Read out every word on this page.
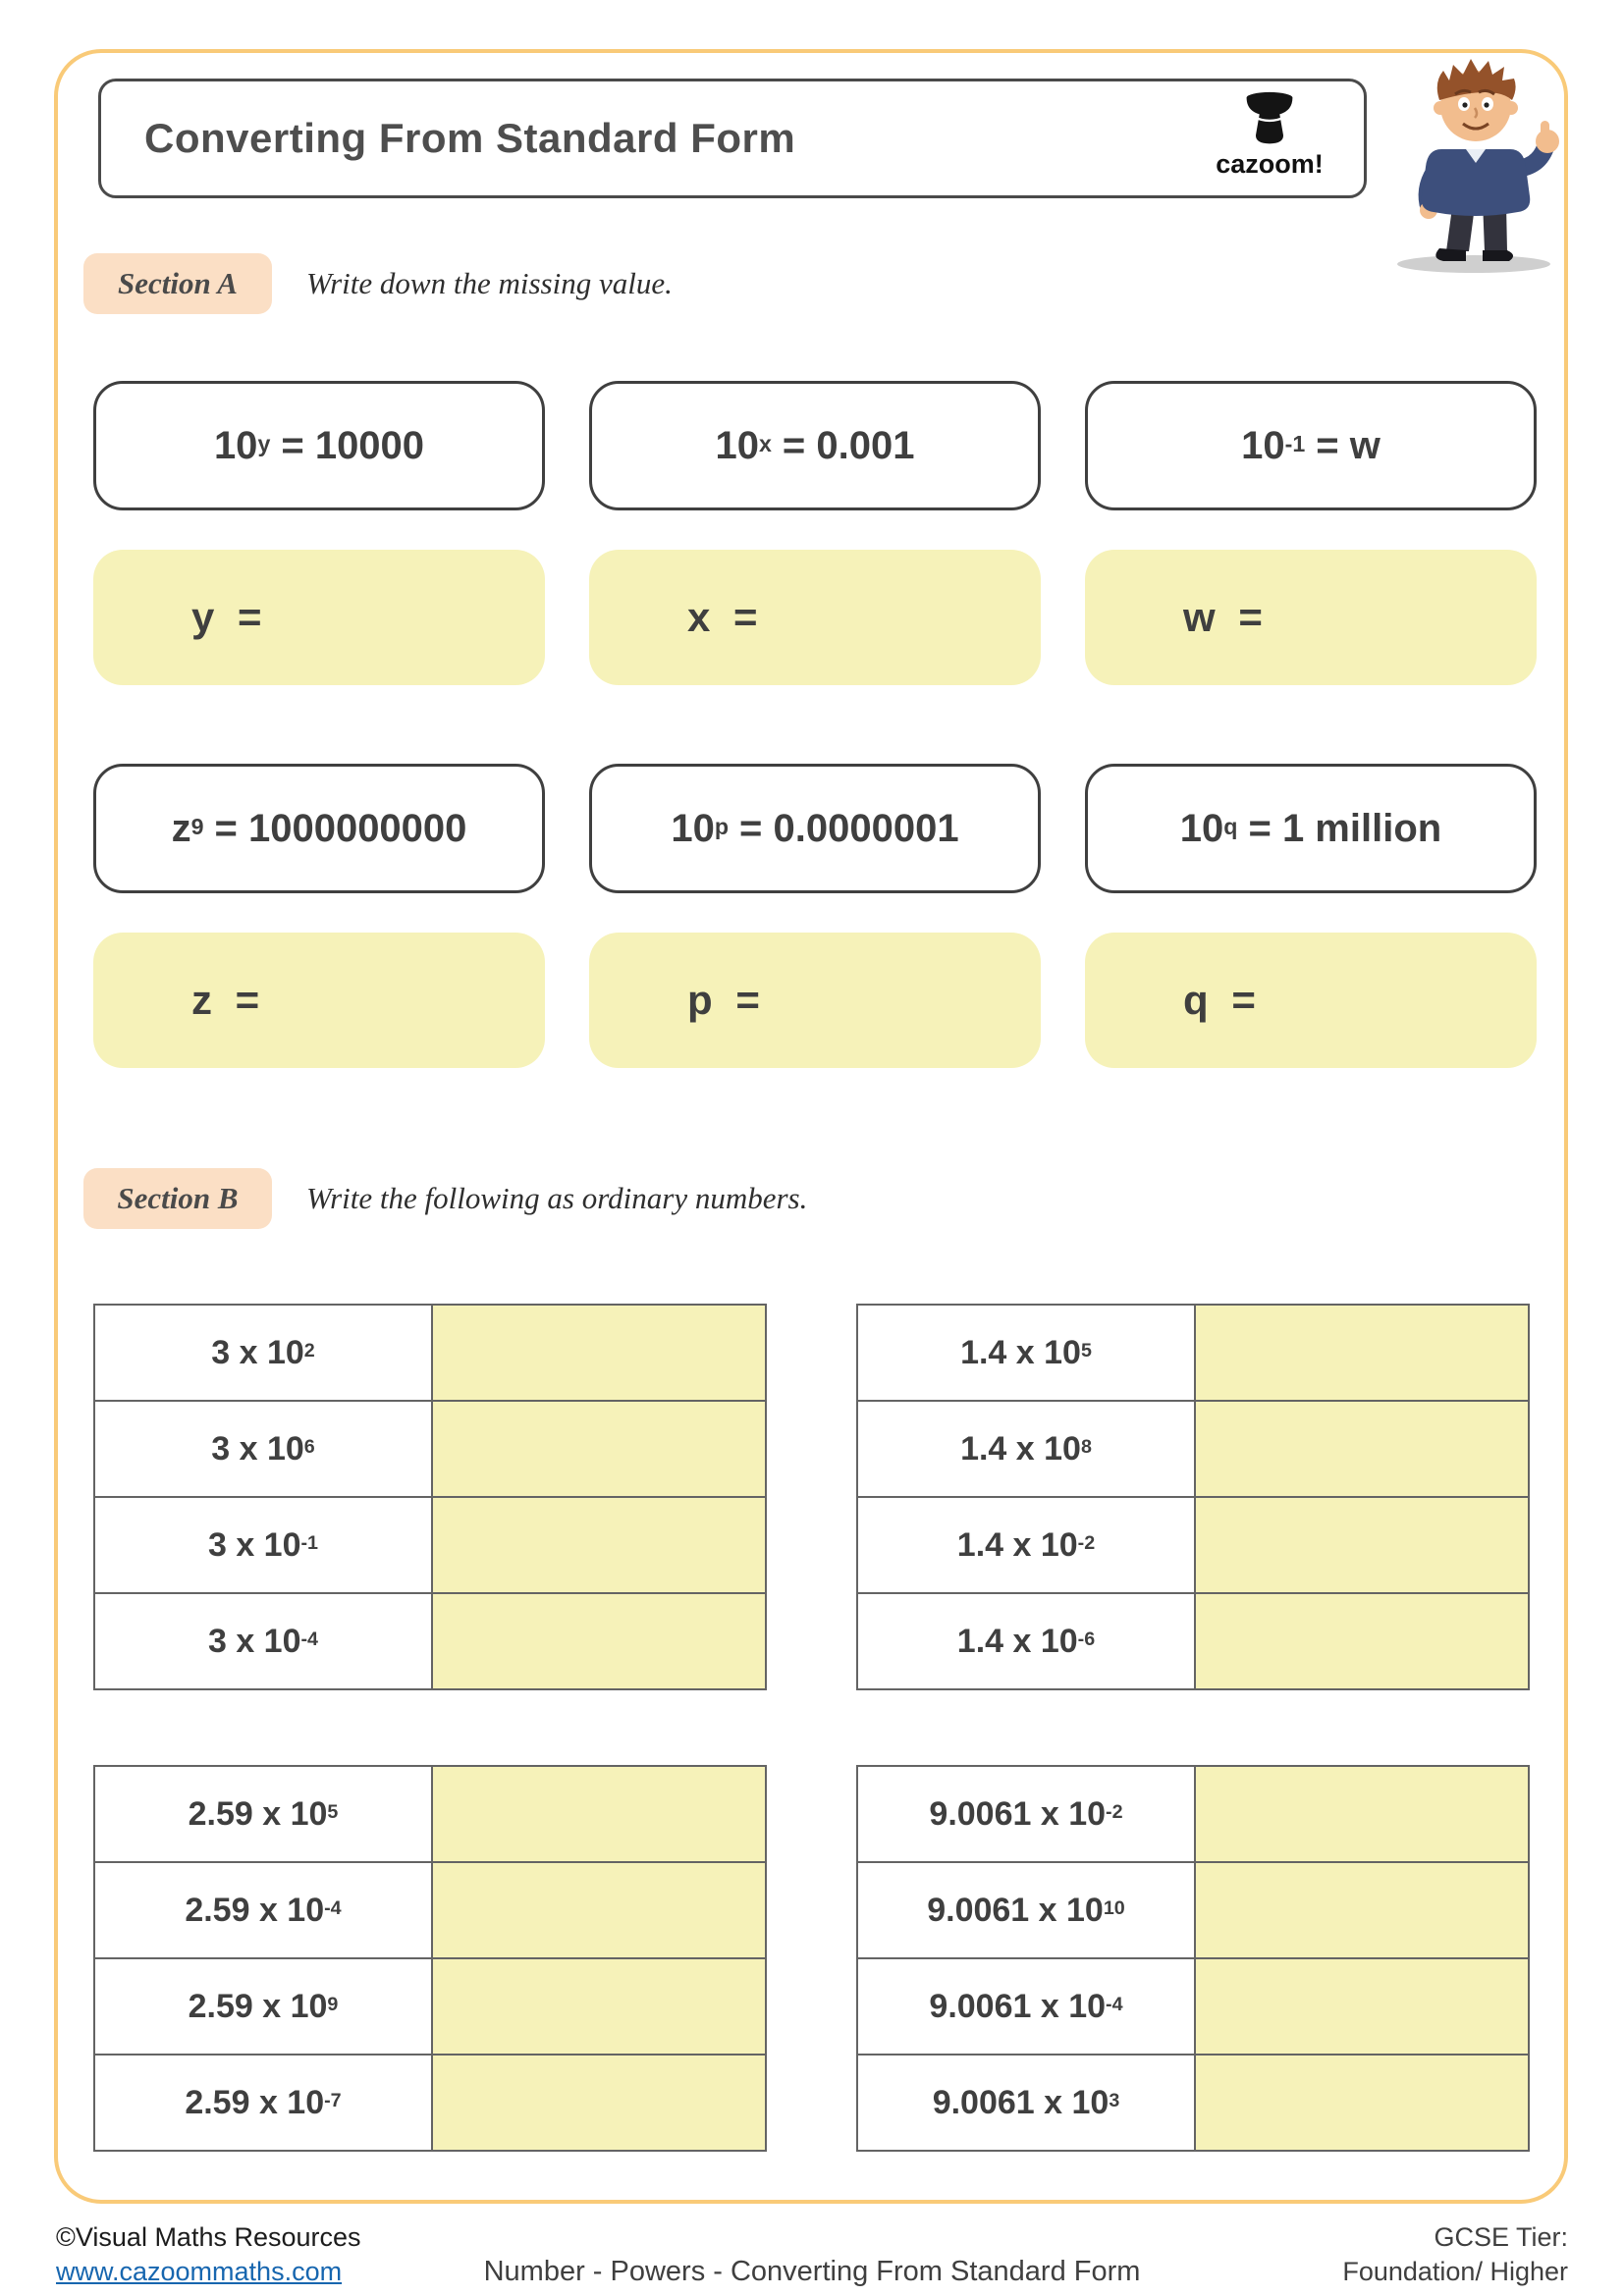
Converting From Standard Form
cazoom!
Section A	Write down the missing value.
$10^y = 10000$	$10^x = 0.001$	$10^{-1} = w$
y =	x =	w =
$z^9 = 1000000000$	$10^p = 0.0000001$	$10^q = 1$ million
z =	p =	q =
Section B	Write the following as ordinary numbers.
3 x $10^2$
3 x $10^6$
3 x $10^{-1}$
3 x $10^{-4}$
1.4 x $10^5$
1.4 x $10^8$
1.4 x $10^{-2}$
1.4 x $10^{-6}$
2.59 x $10^5$
2.59 x $10^{-4}$
2.59 x $10^9$
2.59 x $10^{-7}$
9.0061 x $10^{-2}$
9.0061 x $10^{10}$
9.0061 x $10^{-4}$
9.0061 x $10^3$
©Visual Maths Resources
www.cazoommaths.com	Number - Powers - Converting From Standard Form
GCSE Tier:
Foundation/ Higher
